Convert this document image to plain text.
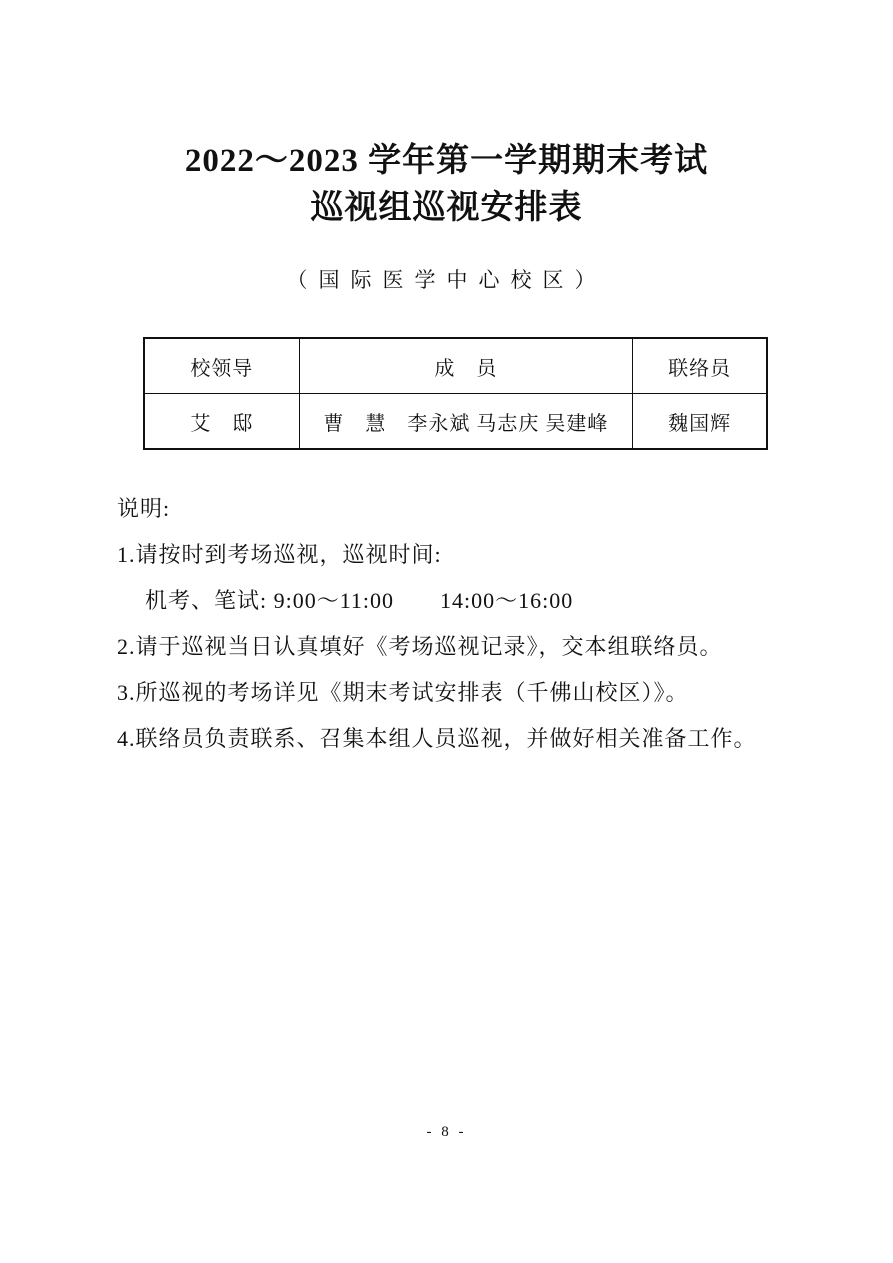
2022～2023 学年第一学期期末考试
巡视组巡视安排表
（国际医学中心校区）
校领导	成　员	联络员
艾　邸	曹　慧　李永斌 马志庆 吴建峰	魏国辉
说明:
1.请按时到考场巡视，巡视时间:
机考、笔试: 9:00～11:00　　14:00～16:00
2.请于巡视当日认真填好《考场巡视记录》，交本组联络员。
3.所巡视的考场详见《期末考试安排表（千佛山校区）》。
4.联络员负责联系、召集本组人员巡视，并做好相关准备工作。
- 8 -
